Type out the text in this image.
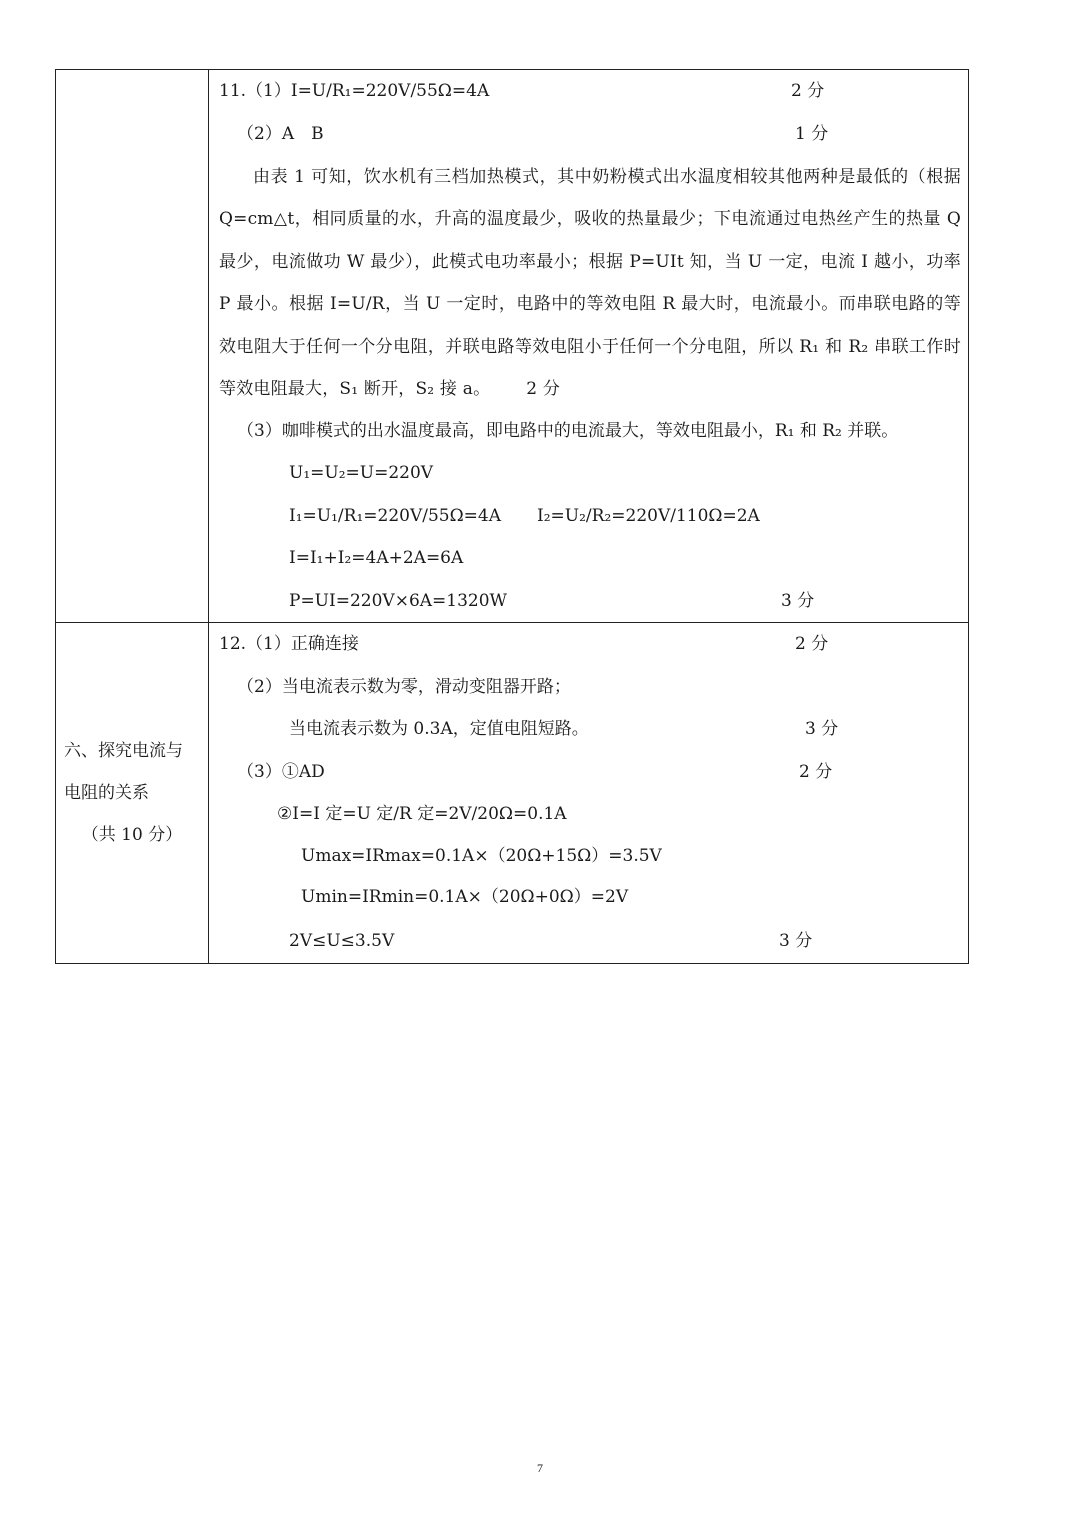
11.（1）I=U/R₁=220V/55Ω=4A	2 分
（2）A　B	1 分
由表 1 可知，饮水机有三档加热模式，其中奶粉模式出水温度相较其他两种是最低的（根据 Q=cm△t，相同质量的水，升高的温度最少，吸收的热量最少；下电流通过电热丝产生的热量 Q 最少，电流做功 W 最少），此模式电功率最小；根据 P=UIt 知，当 U 一定，电流 I 越小，功率 P 最小。根据 I=U/R，当 U 一定时，电路中的等效电阻 R 最大时，电流最小。而串联电路的等效电阻大于任何一个分电阻，并联电路等效电阻小于任何一个分电阻，所以 R₁ 和 R₂ 串联工作时等效电阻最大，S₁ 断开，S₂ 接 a。 2 分
（3）咖啡模式的出水温度最高，即电路中的电流最大，等效电阻最小，R₁ 和 R₂ 并联。
U₁=U₂=U=220V
I₁=U₁/R₁=220V/55Ω=4A I₂=U₂/R₂=220V/110Ω=2A
I=I₁+I₂=4A+2A=6A
P=UI=220V×6A=1320W	3 分
六、探究电流与
电阻的关系
（共 10 分）
12.（1）正确连接	2 分
（2）当电流表示数为零，滑动变阻器开路；
当电流表示数为 0.3A，定值电阻短路。	3 分
（3）①AD	2 分
②I=I 定=U 定/R 定=2V/20Ω=0.1A
Umax=IRmax=0.1A×（20Ω+15Ω）=3.5V
Umin=IRmin=0.1A×（20Ω+0Ω）=2V
2V≤U≤3.5V	3 分
7
